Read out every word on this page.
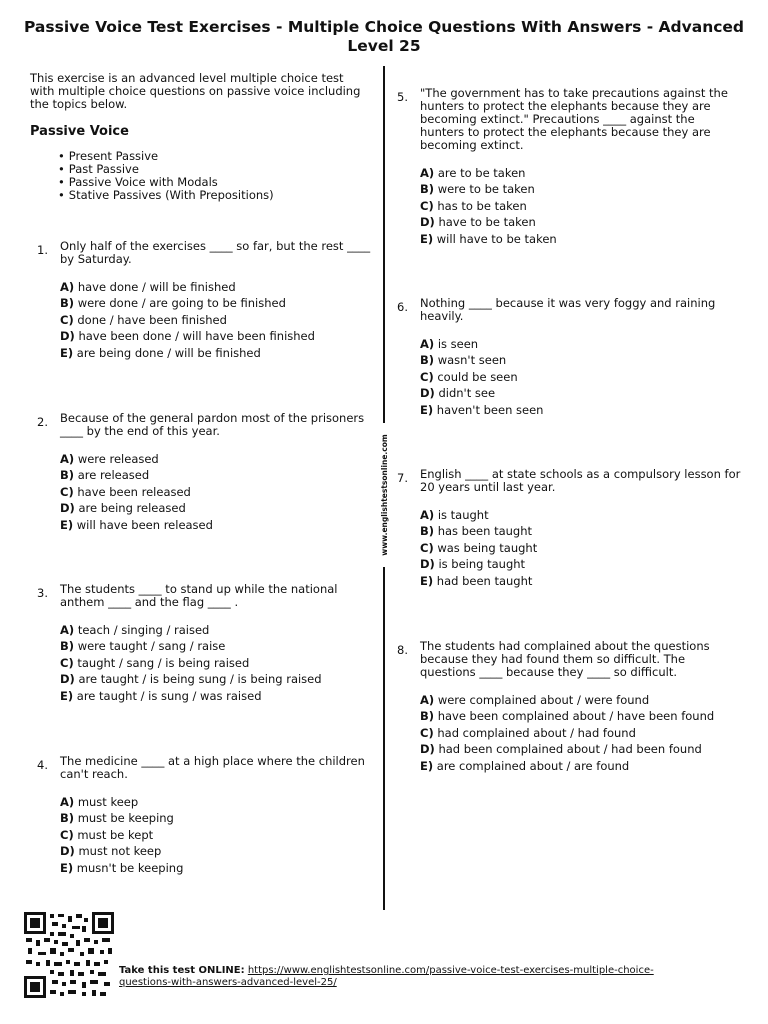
Passive Voice Test Exercises - Multiple Choice Questions With Answers - Advanced Level 25
www.englishtestsonline.com
This exercise is an advanced level multiple choice test with multiple choice questions on passive voice including the topics below.
Passive Voice
• Present Passive
• Past Passive
• Passive Voice with Modals
• Stative Passives (With Prepositions)
1. Only half of the exercises ____ so far, but the rest ____ by Saturday.
A) have done / will be finished
B) were done / are going to be finished
C) done / have been finished
D) have been done / will have been finished
E) are being done / will be finished
2. Because of the general pardon most of the prisoners ____ by the end of this year.
A) were released
B) are released
C) have been released
D) are being released
E) will have been released
3. The students ____ to stand up while the national anthem ____ and the flag ____ .
A) teach / singing / raised
B) were taught / sang / raise
C) taught / sang / is being raised
D) are taught / is being sung / is being raised
E) are taught / is sung / was raised
4. The medicine ____ at a high place where the children can't reach.
A) must keep
B) must be keeping
C) must be kept
D) must not keep
E) musn't be keeping
5. "The government has to take precautions against the hunters to protect the elephants because they are becoming extinct." Precautions ____ against the hunters to protect the elephants because they are becoming extinct.
A) are to be taken
B) were to be taken
C) has to be taken
D) have to be taken
E) will have to be taken
6. Nothing ____ because it was very foggy and raining heavily.
A) is seen
B) wasn't seen
C) could be seen
D) didn't see
E) haven't been seen
7. English ____ at state schools as a compulsory lesson for 20 years until last year.
A) is taught
B) has been taught
C) was being taught
D) is being taught
E) had been taught
8. The students had complained about the questions because they had found them so difficult. The questions ____ because they ____ so difficult.
A) were complained about / were found
B) have been complained about / have been found
C) had complained about / had found
D) had been complained about / had been found
E) are complained about / are found
Take this test ONLINE: https://www.englishtestsonline.com/passive-voice-test-exercises-multiple-choice-questions-with-answers-advanced-level-25/
